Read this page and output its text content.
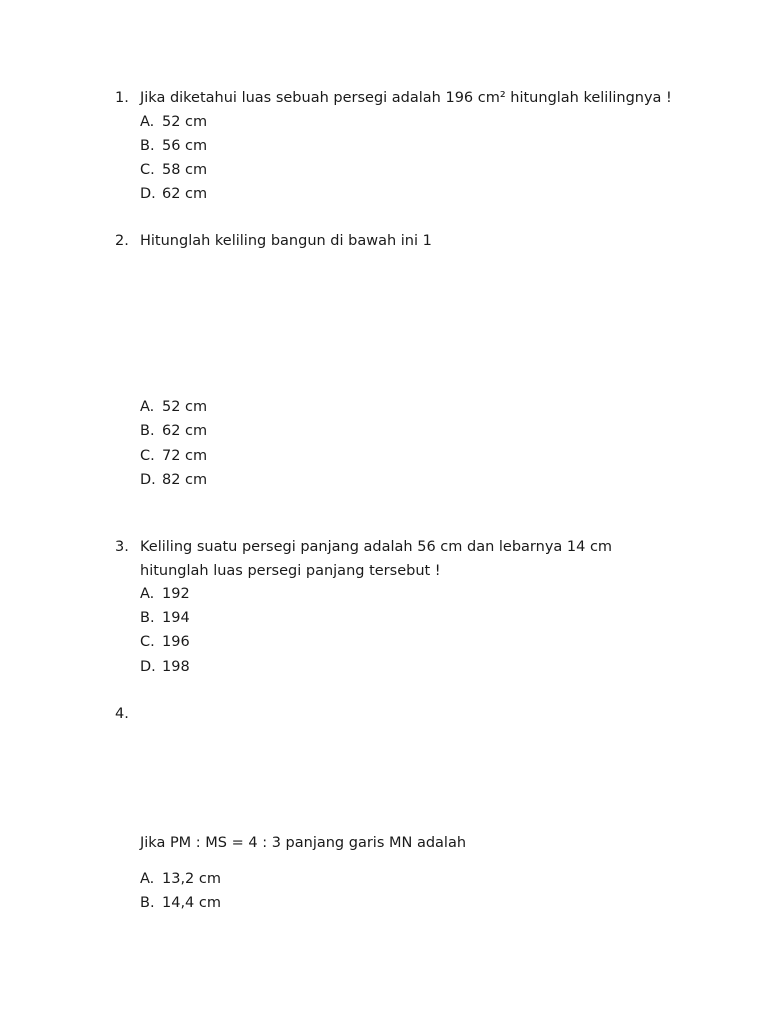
1. Jika diketahui luas sebuah persegi adalah 196 cm² hitunglah kelilingnya !
A. 52 cm
B. 56 cm
C. 58 cm
D. 62 cm
2. Hitunglah keliling bangun di bawah ini 1
A. 52 cm
B. 62 cm
C. 72 cm
D. 82 cm
3. Keliling suatu persegi panjang adalah 56 cm dan lebarnya 14 cm
hitunglah luas persegi panjang tersebut !
A. 192
B. 194
C. 196
D. 198
4.
Jika PM : MS = 4 : 3 panjang garis MN adalah
A. 13,2 cm
B. 14,4 cm
